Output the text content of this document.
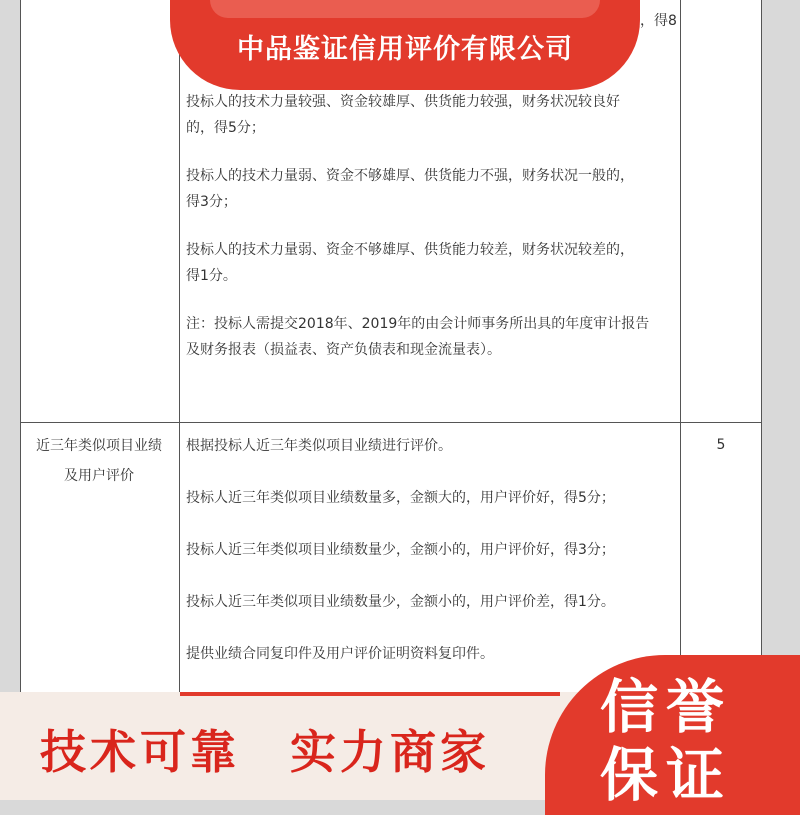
，得8
投标人的技术力量较强、资金较雄厚、供货能力较强，财务状况较良好
的，得5分；
投标人的技术力量弱、资金不够雄厚、供货能力不强，财务状况一般的，
得3分；
投标人的技术力量弱、资金不够雄厚、供货能力较差，财务状况较差的，
得1分。
注：投标人需提交2018年、2019年的由会计师事务所出具的年度审计报告
及财务报表（损益表、资产负债表和现金流量表）。
近三年类似项目业绩
及用户评价
5
根据投标人近三年类似项目业绩进行评价。
投标人近三年类似项目业绩数量多，金额大的，用户评价好，得5分；
投标人近三年类似项目业绩数量少，金额小的，用户评价好，得3分；
投标人近三年类似项目业绩数量少，金额小的，用户评价差，得1分。
提供业绩合同复印件及用户评价证明资料复印件。
中品鉴证信用评价有限公司
技术可靠 实力商家
信誉
保证
